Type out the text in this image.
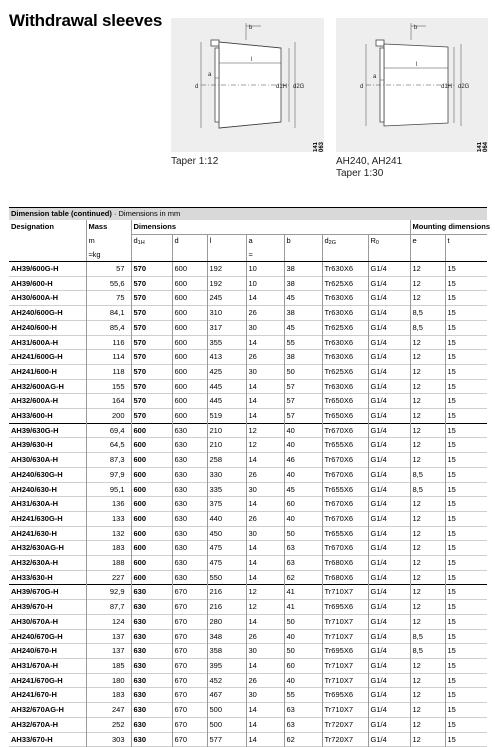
Withdrawal sleeves
d
b
a
l
d1H d2G
141 063
Taper 1:12
d
b
a
l
d1H d2G
141 064
AH240, AH241
Taper 1:30
Dimension table (continued) · Dimensions in mm
Designation	Mass	Dimensions							Mounting dimensions	
	m	$d_{1H}$	d	l	a	b	$d_{2G}$	$R_0$	e	t
	≈kg				≈					
AH39/600G-H	57	570	600	192	10	38	Tr630X6	G1/4	12	15
AH39/600-H	55,6	570	600	192	10	38	Tr625X6	G1/4	12	15
AH30/600A-H	75	570	600	245	14	45	Tr630X6	G1/4	12	15
AH240/600G-H	84,1	570	600	310	26	38	Tr630X6	G1/4	8,5	15
AH240/600-H	85,4	570	600	317	30	45	Tr625X6	G1/4	8,5	15
AH31/600A-H	116	570	600	355	14	55	Tr630X6	G1/4	12	15
AH241/600G-H	114	570	600	413	26	38	Tr630X6	G1/4	12	15
AH241/600-H	118	570	600	425	30	50	Tr625X6	G1/4	12	15
AH32/600AG-H	155	570	600	445	14	57	Tr630X6	G1/4	12	15
AH32/600A-H	164	570	600	445	14	57	Tr650X6	G1/4	12	15
AH33/600-H	200	570	600	519	14	57	Tr650X6	G1/4	12	15
AH39/630G-H	69,4	600	630	210	12	40	Tr670X6	G1/4	12	15
AH39/630-H	64,5	600	630	210	12	40	Tr655X6	G1/4	12	15
AH30/630A-H	87,3	600	630	258	14	46	Tr670X6	G1/4	12	15
AH240/630G-H	97,9	600	630	330	26	40	Tr670X6	G1/4	8,5	15
AH240/630-H	95,1	600	630	335	30	45	Tr655X6	G1/4	8,5	15
AH31/630A-H	136	600	630	375	14	60	Tr670X6	G1/4	12	15
AH241/630G-H	133	600	630	440	26	40	Tr670X6	G1/4	12	15
AH241/630-H	132	600	630	450	30	50	Tr655X6	G1/4	12	15
AH32/630AG-H	183	600	630	475	14	63	Tr670X6	G1/4	12	15
AH32/630A-H	188	600	630	475	14	63	Tr680X6	G1/4	12	15
AH33/630-H	227	600	630	550	14	62	Tr680X6	G1/4	12	15
AH39/670G-H	92,9	630	670	216	12	41	Tr710X7	G1/4	12	15
AH39/670-H	87,7	630	670	216	12	41	Tr695X6	G1/4	12	15
AH30/670A-H	124	630	670	280	14	50	Tr710X7	G1/4	12	15
AH240/670G-H	137	630	670	348	26	40	Tr710X7	G1/4	8,5	15
AH240/670-H	137	630	670	358	30	50	Tr695X6	G1/4	8,5	15
AH31/670A-H	185	630	670	395	14	60	Tr710X7	G1/4	12	15
AH241/670G-H	180	630	670	452	26	40	Tr710X7	G1/4	12	15
AH241/670-H	183	630	670	467	30	55	Tr695X6	G1/4	12	15
AH32/670AG-H	247	630	670	500	14	63	Tr710X7	G1/4	12	15
AH32/670A-H	252	630	670	500	14	63	Tr720X7	G1/4	12	15
AH33/670-H	303	630	670	577	14	62	Tr720X7	G1/4	12	15
